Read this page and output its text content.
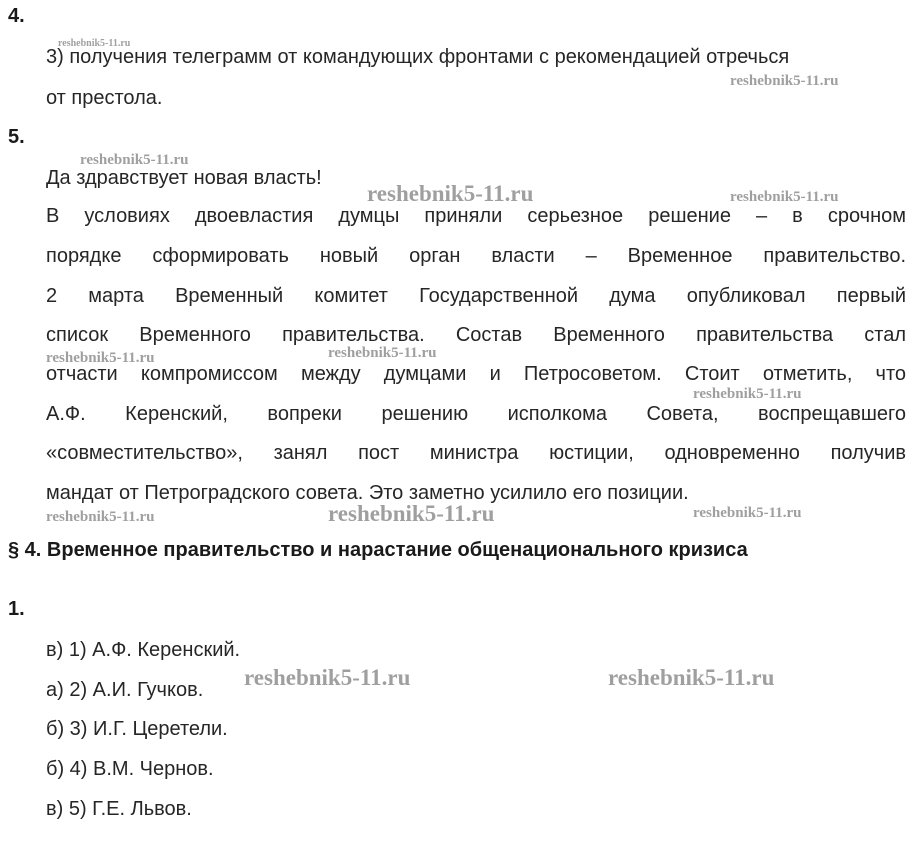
4.
3) получения телеграмм от командующих фронтами с рекомендацией отречься
от престола.
5.
Да здравствует новая власть!
В условиях двоевластия думцы приняли серьезное решение – в срочном
порядке сформировать новый орган власти – Временное правительство.
2 марта Временный комитет Государственной дума опубликовал первый
список Временного правительства. Состав Временного правительства стал
отчасти компромиссом между думцами и Петросоветом. Стоит отметить, что
А.Ф. Керенский, вопреки решению исполкома Совета, воспрещавшего
«совместительство», занял пост министра юстиции, одновременно получив
мандат от Петроградского совета. Это заметно усилило его позиции.
§ 4. Временное правительство и нарастание общенационального кризиса
1.
в) 1) А.Ф. Керенский.
а) 2) А.И. Гучков.
б) 3) И.Г. Церетели.
б) 4) В.М. Чернов.
в) 5) Г.Е. Львов.
reshebnik5-11.ru
reshebnik5-11.ru
reshebnik5-11.ru
reshebnik5-11.ru	reshebnik5-11.ru
reshebnik5-11.ru	reshebnik5-11.ru
reshebnik5-11.ru
reshebnik5-11.ru	reshebnik5-11.ru	reshebnik5-11.ru
reshebnik5-11.ru	reshebnik5-11.ru
